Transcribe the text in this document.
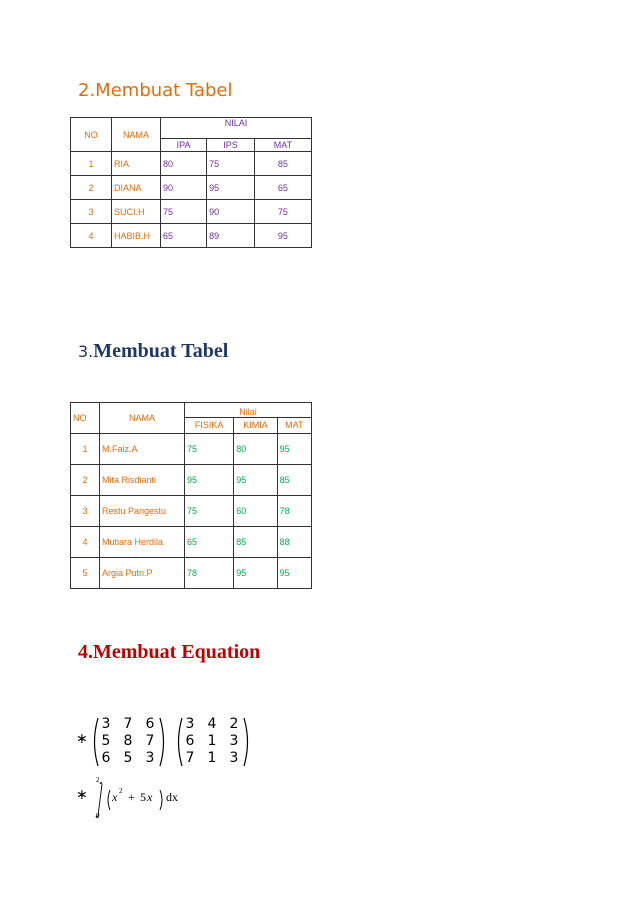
2.Membuat Tabel
NO	NAMA	NILAI		
		IPA	IPS	MAT
1	RIA	80	75	85
2	DIANA	90	95	65
3	SUCI.H	75	90	75
4	HABIB.H	65	89	95
3.Membuat Tabel
NO	NAMA	Nilai		
		FISIKA	KIMIA	MAT
1	M.Faiz.A	75	80	95
2	Mita Risdianti	95	95	85
3	Restu Pangestu	75	60	78
4	Mutiara Herdila	65	85	88
5	Argia Putri.P	78	95	95
4.Membuat Equation
∗
3 7 6
5 8 7
6 5 3
3 4 2
6 1 3
7 1 3
∗
2
0
x 2 + 5 x dx
